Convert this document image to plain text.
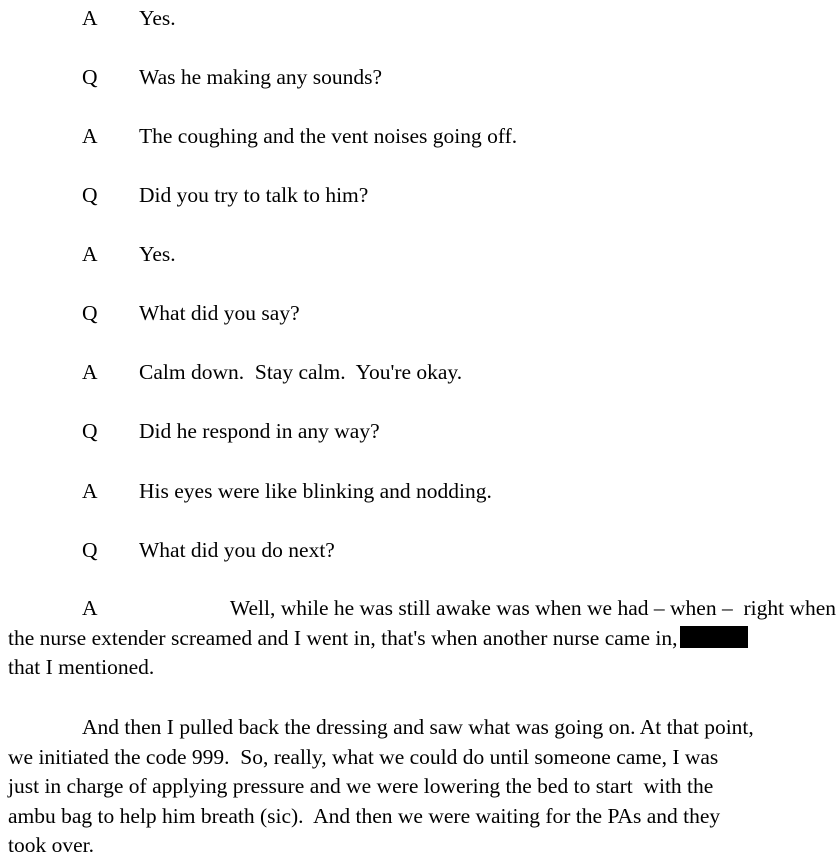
A Yes.
Q Was he making any sounds?
A The coughing and the vent noises going off.
Q Did you try to talk to him?
A Yes.
Q What did you say?
A Calm down.  Stay calm.  You're okay.
Q Did he respond in any way?
A His eyes were like blinking and nodding.
Q What did you do next?
A	Well, while he was still awake was when we had – when –  right when
the nurse extender screamed and I went in, that's when another nurse came in,
that I mentioned.
And then I pulled back the dressing and saw what was going on. At that point,
we initiated the code 999.  So, really, what we could do until someone came, I was
just in charge of applying pressure and we were lowering the bed to start  with the
ambu bag to help him breath (sic).  And then we were waiting for the PAs and they
took over.
